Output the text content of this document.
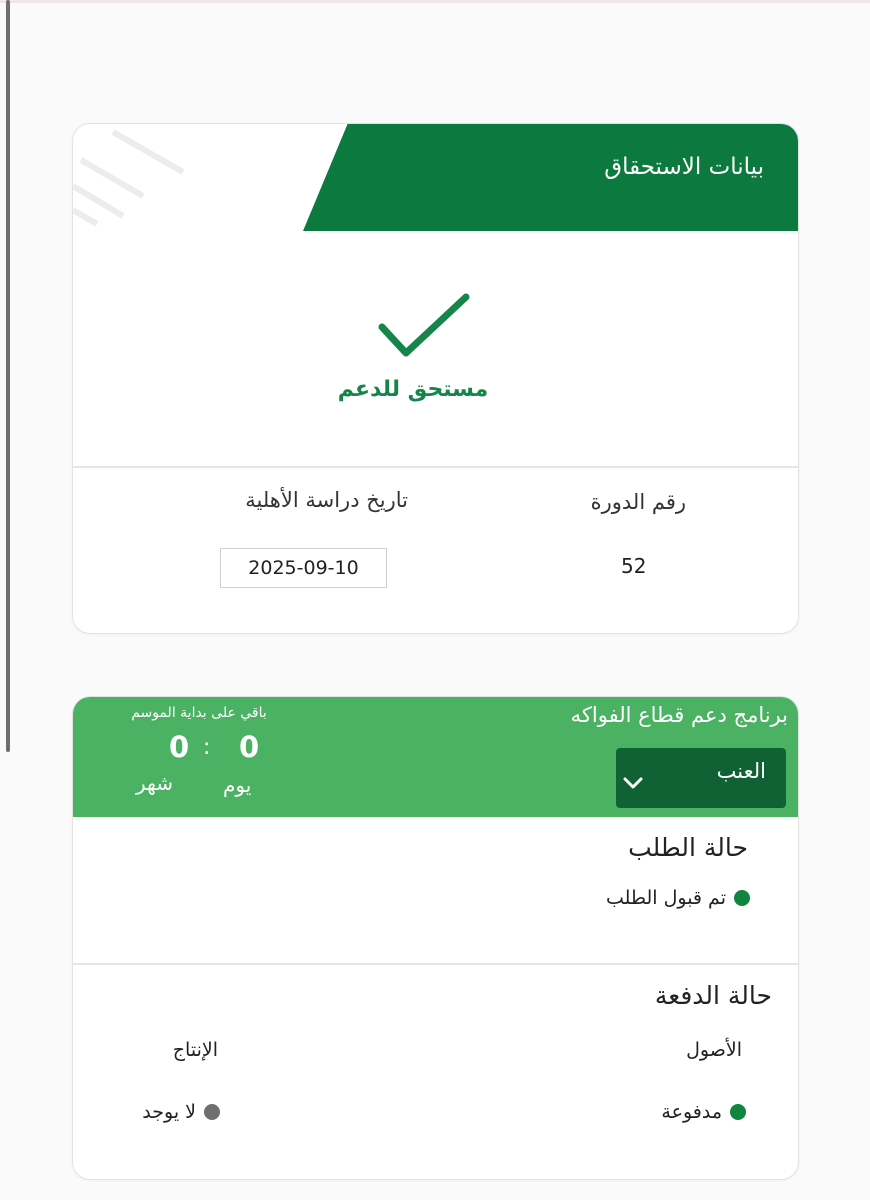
بيانات الاستحقاق
مستحق للدعم
رقم الدورة
تاريخ دراسة الأهلية
52
2025-09-10
برنامج دعم قطاع الفواكه
العنب
باقي على بداية الموسم
0
:
0
يوم
شهر
حالة الطلب
تم قبول الطلب
حالة الدفعة
الأصول
الإنتاج
مدفوعة
لا يوجد
